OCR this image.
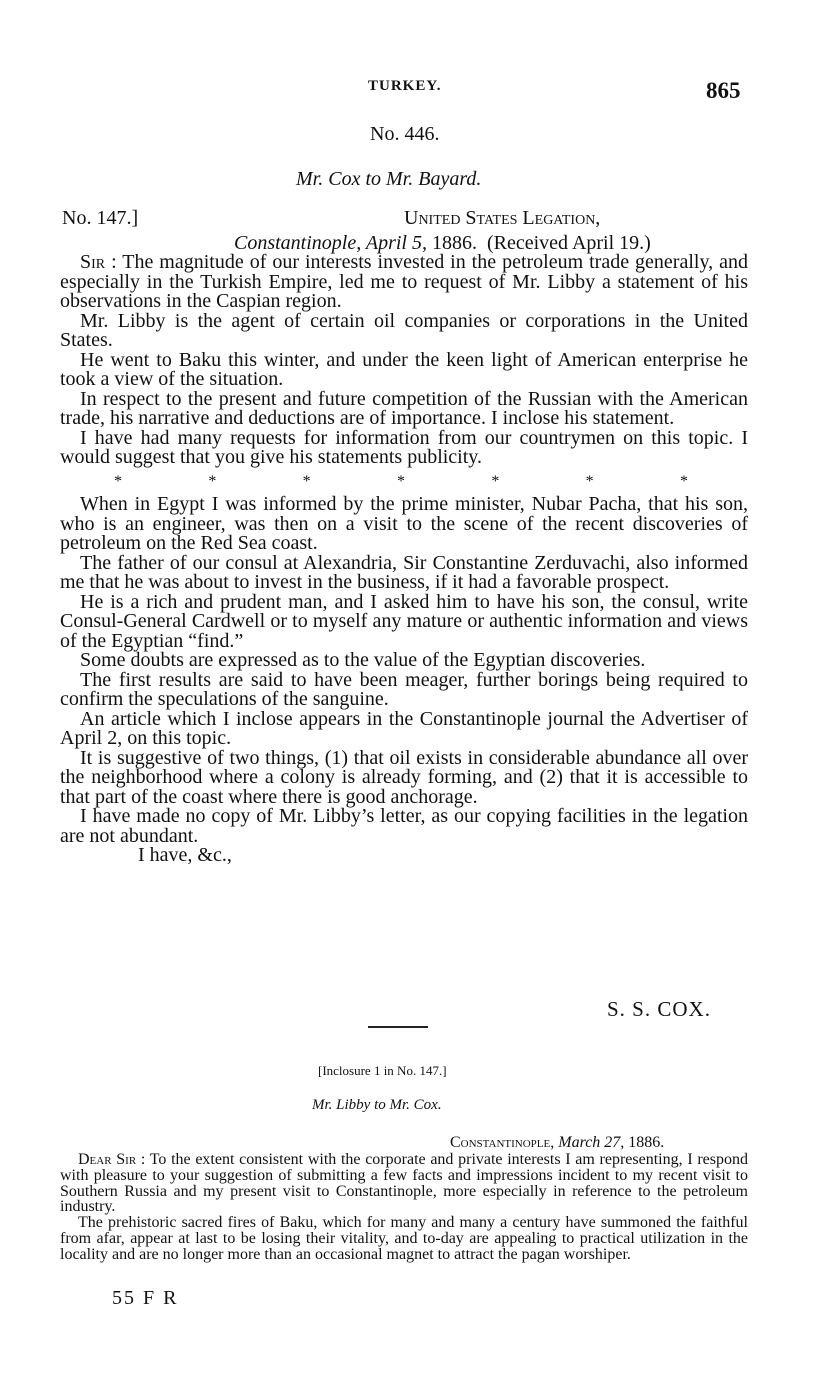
TURKEY.	865
No. 446.
Mr. Cox to Mr. Bayard.
No. 147.]	United States Legation,
Constantinople, April 5, 1886. (Received April 19.)

Sir : The magnitude of our interests invested in the petroleum trade generally, and especially in the Turkish Empire, led me to request of Mr. Libby a statement of his observations in the Caspian region.

Mr. Libby is the agent of certain oil companies or corporations in the United States.

He went to Baku this winter, and under the keen light of American enterprise he took a view of the situation.

In respect to the present and future competition of the Russian with the American trade, his narrative and deductions are of importance. I inclose his statement.

I have had many requests for information from our countrymen on this topic. I would suggest that you give his statements publicity.

*	*	*	*	*	*	*

When in Egypt I was informed by the prime minister, Nubar Pacha, that his son, who is an engineer, was then on a visit to the scene of the recent discoveries of petroleum on the Red Sea coast.

The father of our consul at Alexandria, Sir Constantine Zerduvachi, also informed me that he was about to invest in the business, if it had a favorable prospect.

He is a rich and prudent man, and I asked him to have his son, the consul, write Consul-General Cardwell or to myself any mature or authentic information and views of the Egyptian “find.”

Some doubts are expressed as to the value of the Egyptian discoveries.

The first results are said to have been meager, further borings being required to confirm the speculations of the sanguine.

An article which I inclose appears in the Constantinople journal the Advertiser of April 2, on this topic.

It is suggestive of two things, (1) that oil exists in considerable abundance all over the neighborhood where a colony is already forming, and (2) that it is accessible to that part of the coast where there is good anchorage.

I have made no copy of Mr. Libby’s letter, as our copying facilities in the legation are not abundant.

I have, &c.,

S. S. COX.
[Inclosure 1 in No. 147.]
Mr. Libby to Mr. Cox.
Constantinople, March 27, 1886.

Dear Sir : To the extent consistent with the corporate and private interests I am representing, I respond with pleasure to your suggestion of submitting a few facts and impressions incident to my recent visit to Southern Russia and my present visit to Constantinople, more especially in reference to the petroleum industry.

The prehistoric sacred fires of Baku, which for many and many a century have summoned the faithful from afar, appear at last to be losing their vitality, and to-day are appealing to practical utilization in the locality and are no longer more than an occasional magnet to attract the pagan worshiper.

55 F R
